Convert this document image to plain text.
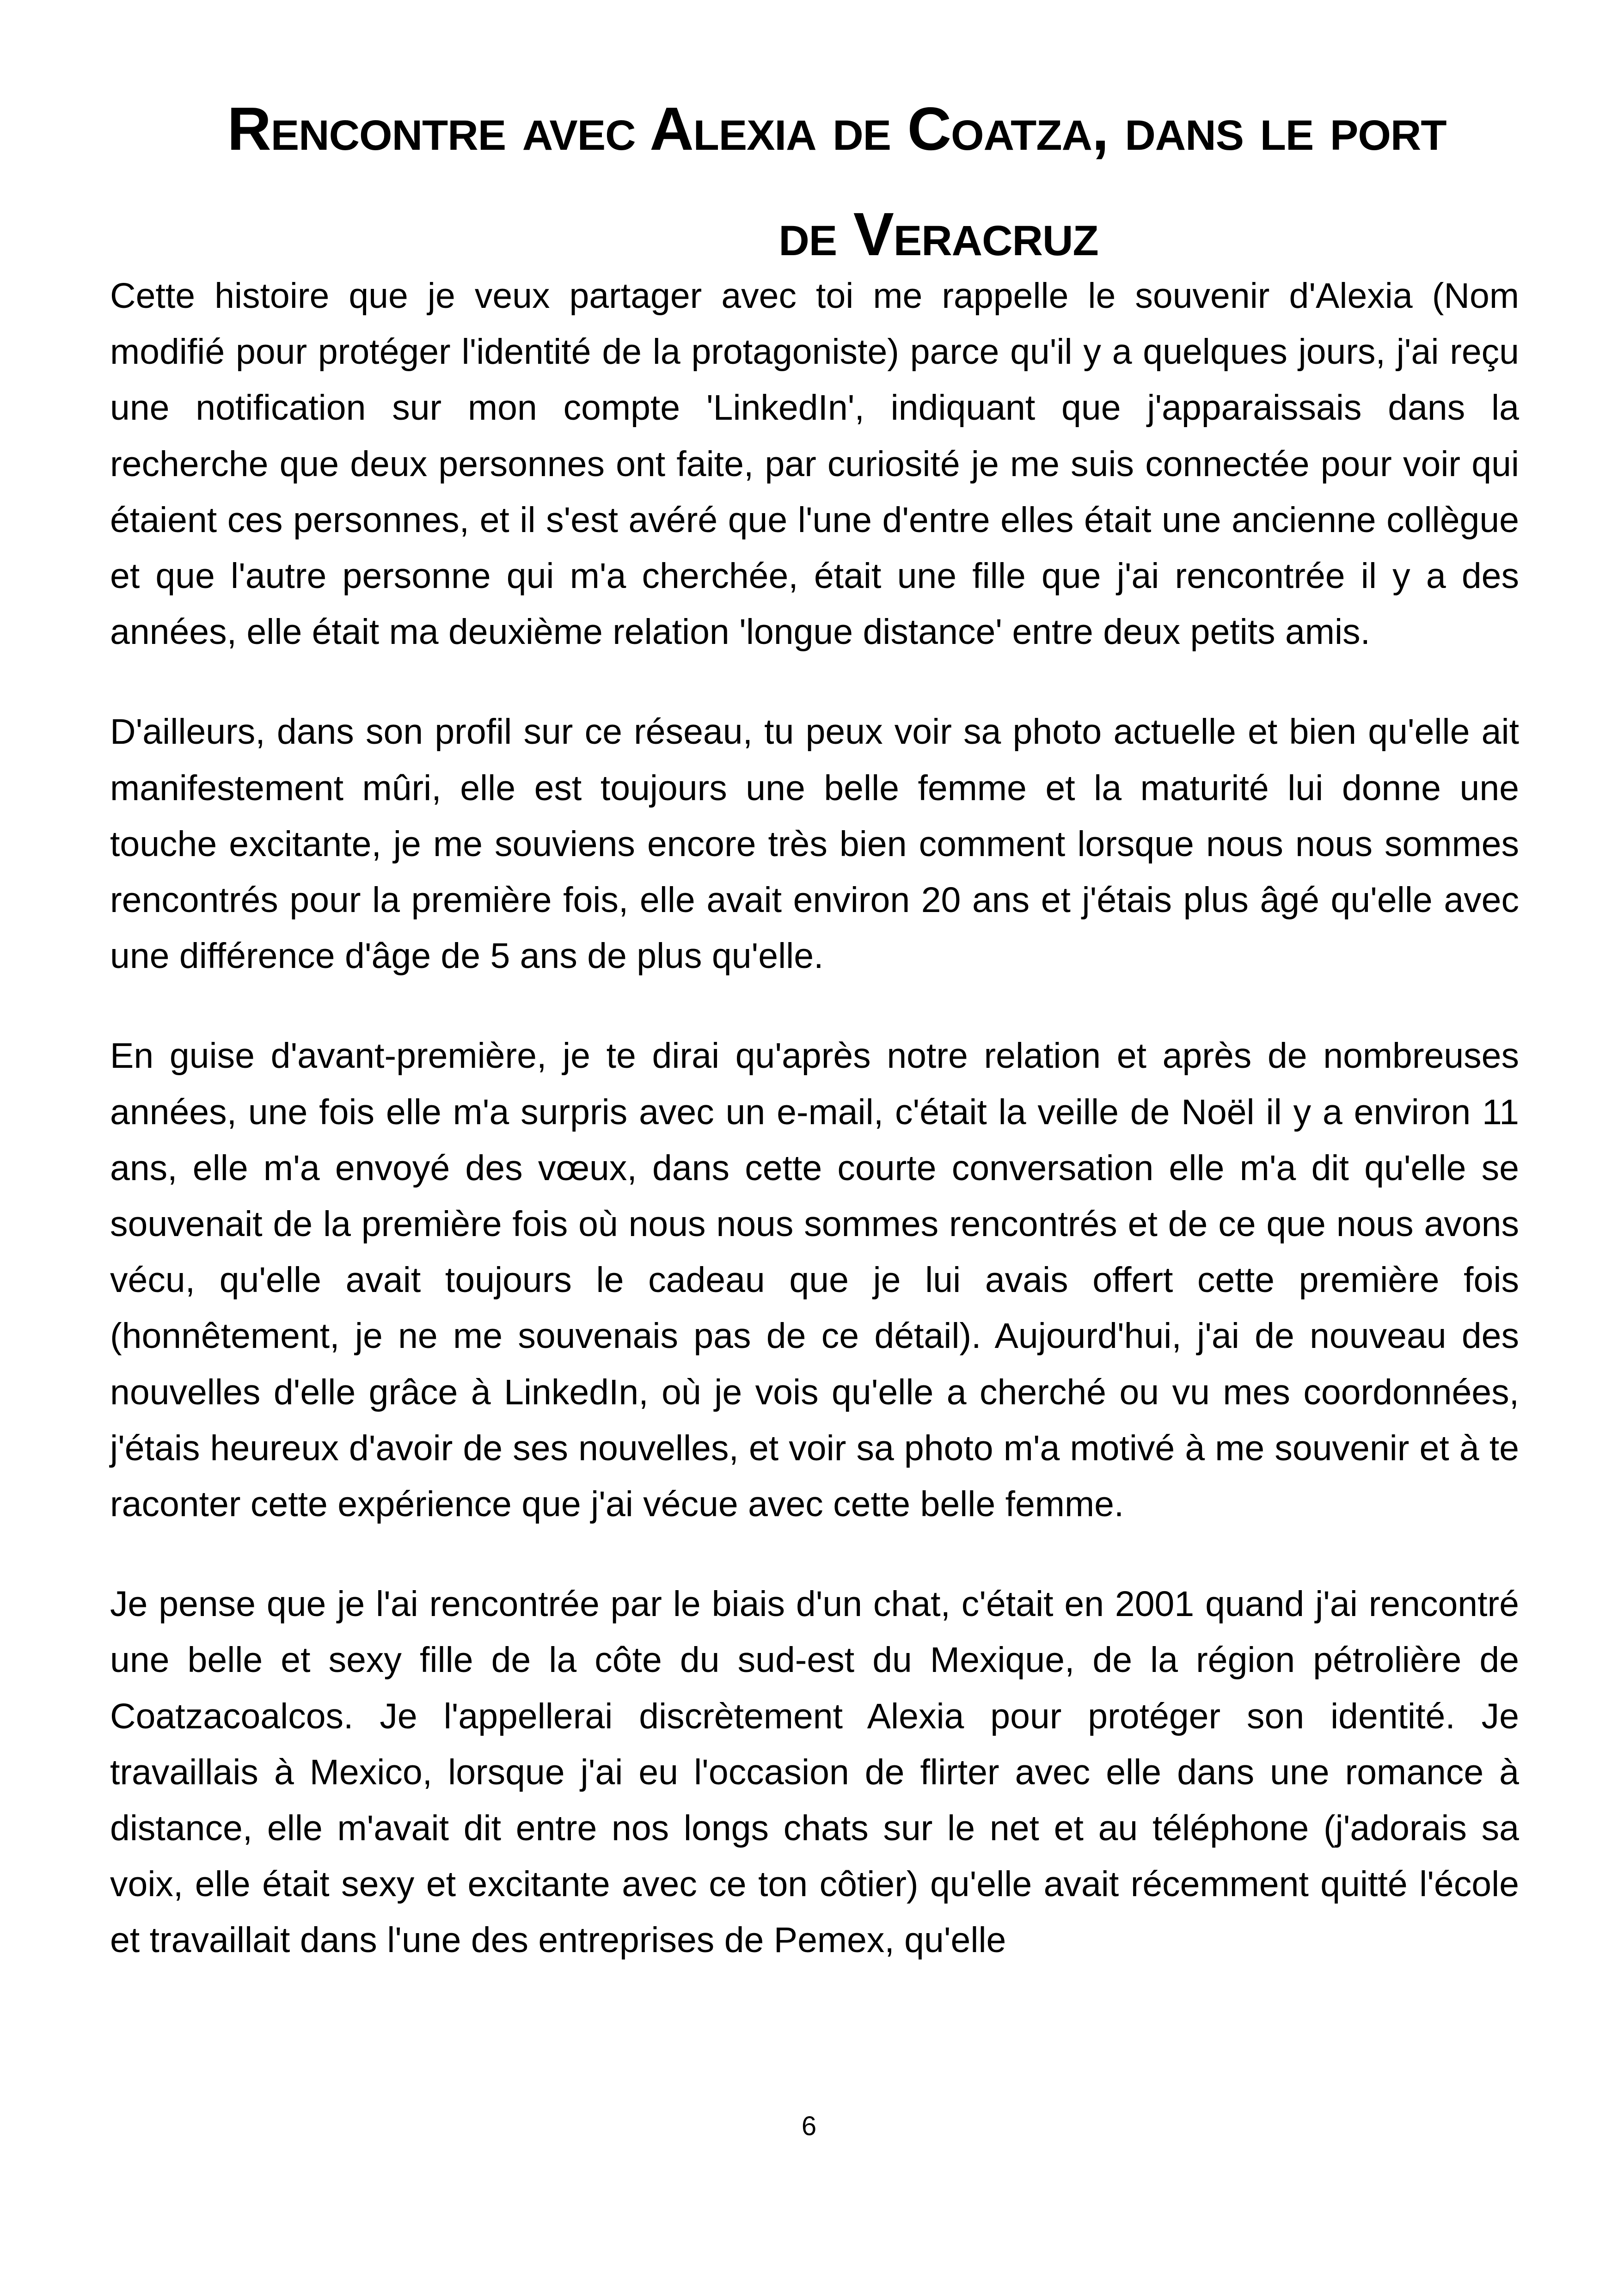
Rencontre avec Alexia de Coatza, dans le port
de Veracruz

Cette histoire que je veux partager avec toi me rappelle le souvenir d'Alexia (Nom modifié pour protéger l'identité de la protagoniste) parce qu'il y a quelques jours, j'ai reçu une notification sur mon compte 'LinkedIn', indiquant que j'apparaissais dans la recherche que deux personnes ont faite, par curiosité je me suis connectée pour voir qui étaient ces personnes, et il s'est avéré que l'une d'entre elles était une ancienne collègue et que l'autre personne qui m'a cherchée, était une fille que j'ai rencontrée il y a des années, elle était ma deuxième relation 'longue distance' entre deux petits amis.

D'ailleurs, dans son profil sur ce réseau, tu peux voir sa photo actuelle et bien qu'elle ait manifestement mûri, elle est toujours une belle femme et la maturité lui donne une touche excitante, je me souviens encore très bien comment lorsque nous nous sommes rencontrés pour la première fois, elle avait environ 20 ans et j'étais plus âgé qu'elle avec une différence d'âge de 5 ans de plus qu'elle.

En guise d'avant-première, je te dirai qu'après notre relation et après de nombreuses années, une fois elle m'a surpris avec un e-mail, c'était la veille de Noël il y a environ 11 ans, elle m'a envoyé des vœux, dans cette courte conversation elle m'a dit qu'elle se souvenait de la première fois où nous nous sommes rencontrés et de ce que nous avons vécu, qu'elle avait toujours le cadeau que je lui avais offert cette première fois (honnêtement, je ne me souvenais pas de ce détail). Aujourd'hui, j'ai de nouveau des nouvelles d'elle grâce à LinkedIn, où je vois qu'elle a cherché ou vu mes coordonnées, j'étais heureux d'avoir de ses nouvelles, et voir sa photo m'a motivé à me souvenir et à te raconter cette expérience que j'ai vécue avec cette belle femme.

Je pense que je l'ai rencontrée par le biais d'un chat, c'était en 2001 quand j'ai rencontré une belle et sexy fille de la côte du sud-est du Mexique, de la région pétrolière de Coatzacoalcos. Je l'appellerai discrètement Alexia pour protéger son identité. Je travaillais à Mexico, lorsque j'ai eu l'occasion de flirter avec elle dans une romance à distance, elle m'avait dit entre nos longs chats sur le net et au téléphone (j'adorais sa voix, elle était sexy et excitante avec ce ton côtier) qu'elle avait récemment quitté l'école et travaillait dans l'une des entreprises de Pemex, qu'elle

6
